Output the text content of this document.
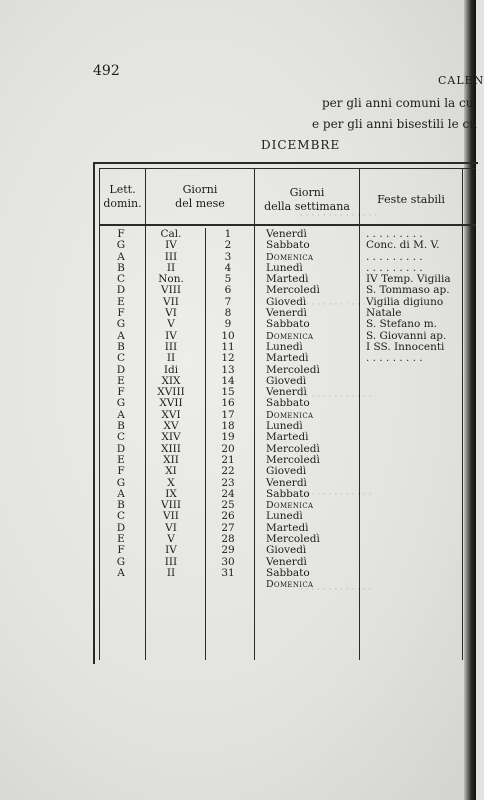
492
CALEN
per gli anni comuni la cu
e per gli anni bisestili le cu
DICEMBRE
· · · · · · · · · · · · · ·
· · · · · · · · · · · · ·
· · · · · · · · · · · · ·
· · · · · · · · · · · · ·
· · · · · · · · · · · · ·
Lett.
domin.
Giorni
del mese
Giorni
della settimana
Feste stabili
F
G
A
B
C
D
E
F
G
A
B
C
D
E
F
G
A
B
C
D
E
F
G
A
B
C
D
E
F
G
A
Cal.
IV
III
II
Non.
VIII
VII
VI
V
IV
III
II
Idi
XIX
XVIII
XVII
XVI
XV
XIV
XIII
XII
XI
X
IX
VIII
VII
VI
V
IV
III
II
1
2
3
4
5
6
7
8
9
10
11
12
13
14
15
16
17
18
19
20
21
22
23
24
25
26
27
28
29
30
31
Venerdì
Sabbato
Domenica
Lunedì
Martedì
Mercoledì
Giovedì
Venerdì
Sabbato
Domenica
Lunedì
Martedì
Mercoledì
Giovedì
Venerdì
Sabbato
Domenica
Lunedì
Martedì
Mercoledì
Mercoledì
Giovedì
Venerdì
Sabbato
Domenica
Lunedì
Martedì
Mercoledì
Giovedì
Venerdì
Sabbato
Domenica
. . . . . . . . .
Conc. di M. V.
. . . . . . . . .
. . . . . . . . .
IV Temp. Vigilia
S. Tommaso ap.
Vigilia digiuno
Natale
S. Stefano m.
S. Giovanni ap.
I SS. Innocenti
. . . . . . . . .
